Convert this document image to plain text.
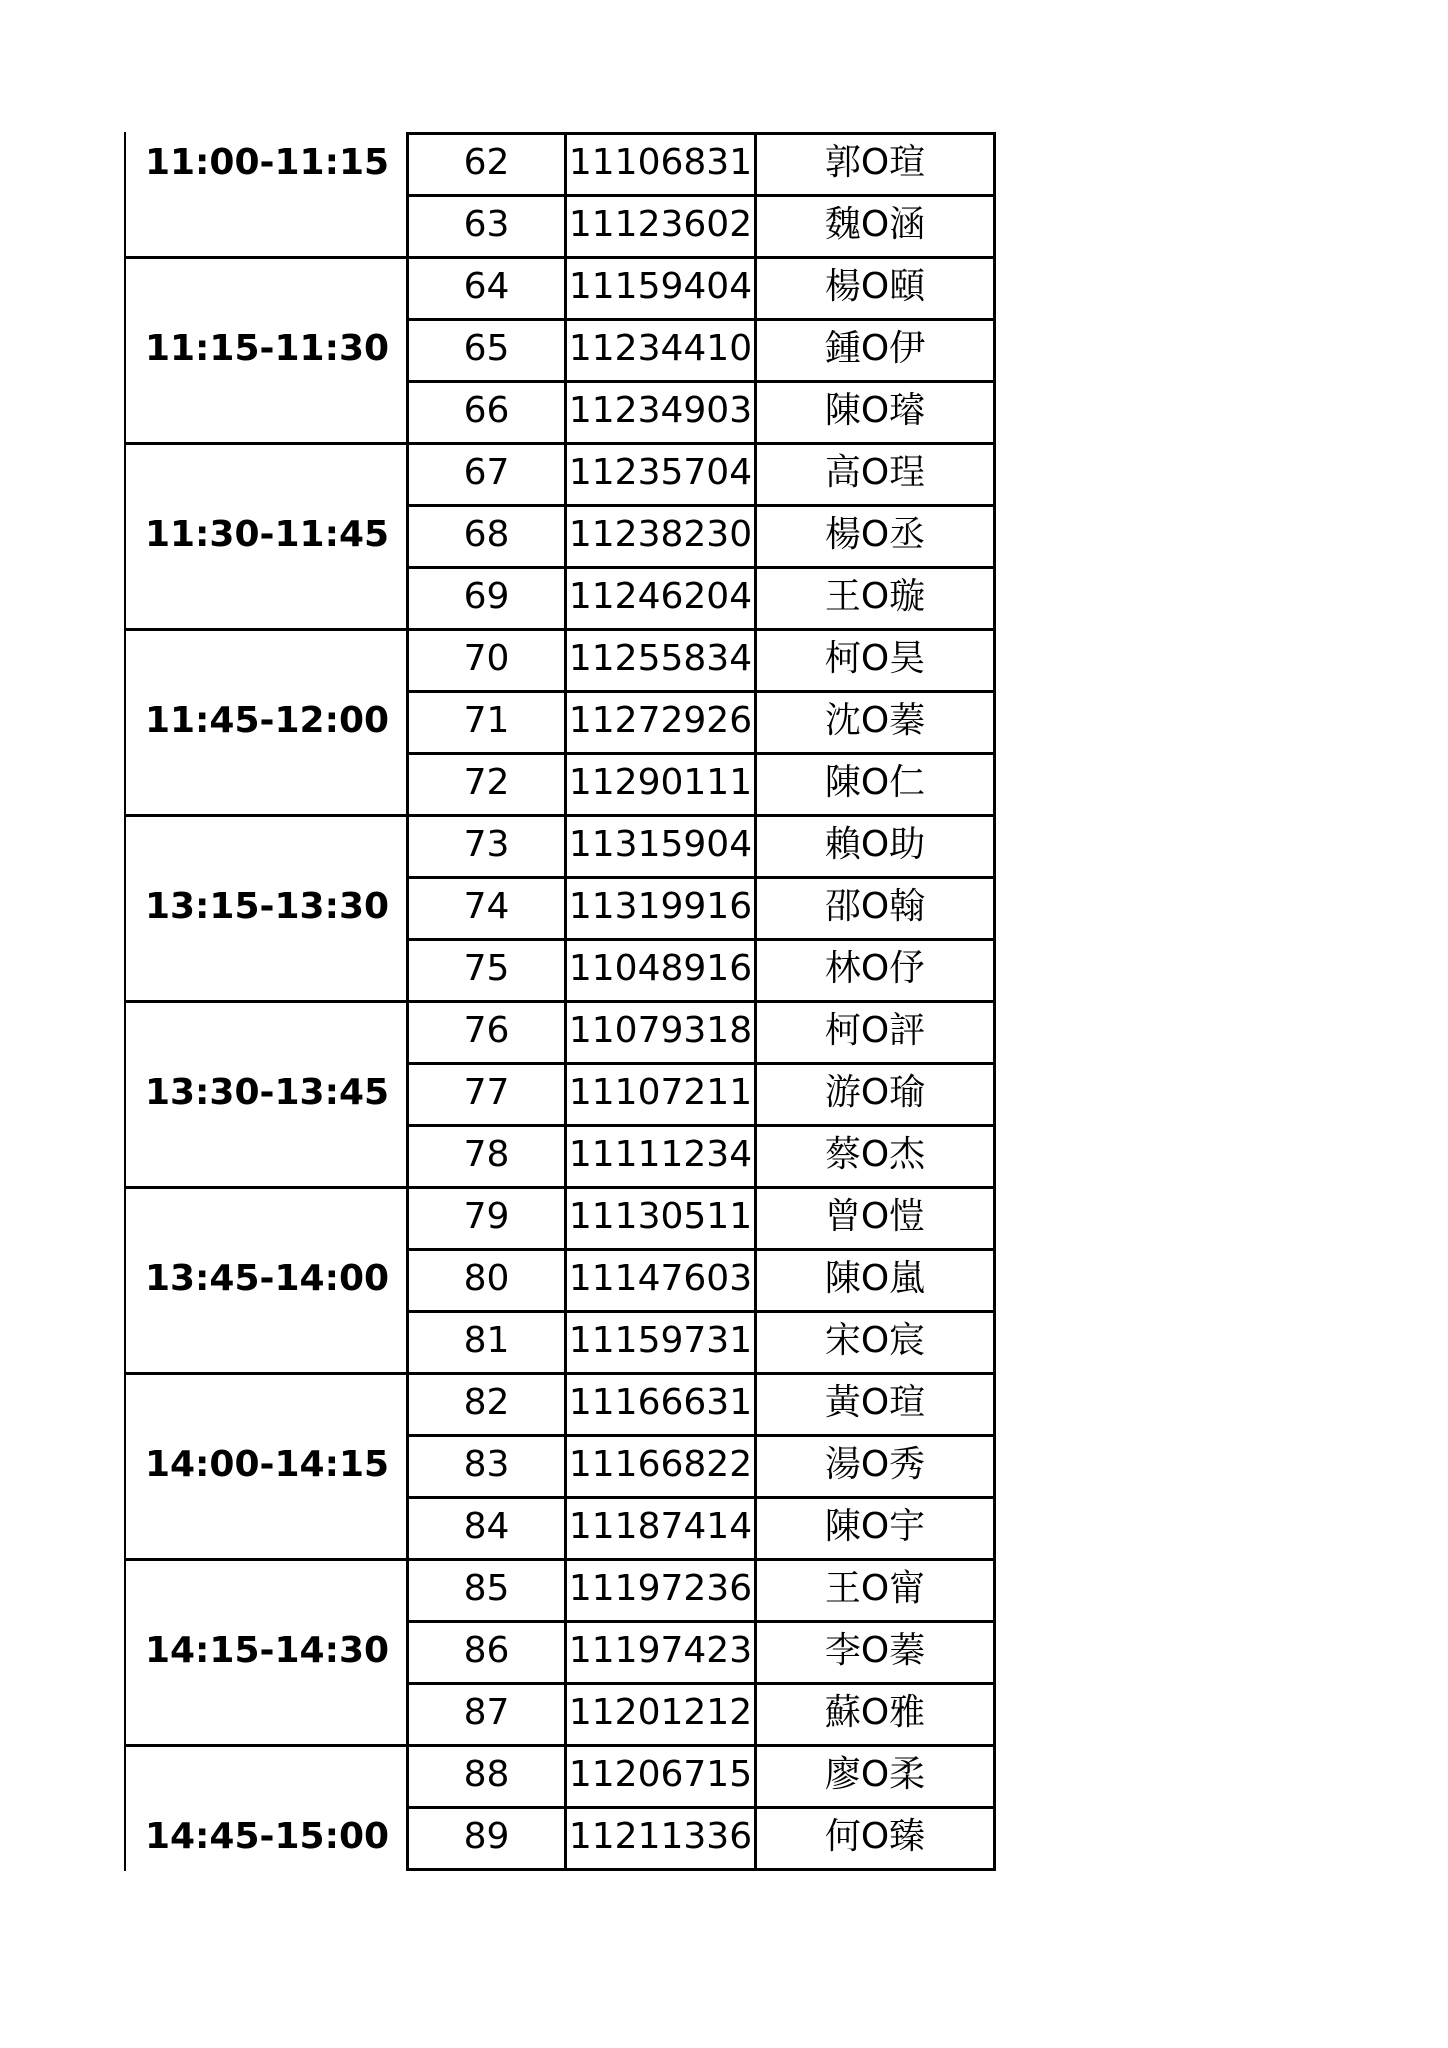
11:00-11:15	62	11106831	郭O瑄
63	11123602	魏O涵
11:15-11:30
64	11159404	楊O頤
65	11234410	鍾O伊
66	11234903	陳O璿
11:30-11:45
67	11235704	高O珵
68	11238230	楊O丞
69	11246204	王O璇
11:45-12:00
70	11255834	柯O昊
71	11272926	沈O蓁
72	11290111	陳O仁
13:15-13:30
73	11315904	賴O助
74	11319916	邵O翰
75	11048916	林O伃
13:30-13:45
76	11079318	柯O評
77	11107211	游O瑜
78	11111234	蔡O杰
13:45-14:00
79	11130511	曾O愷
80	11147603	陳O嵐
81	11159731	宋O宸
14:00-14:15
82	11166631	黃O瑄
83	11166822	湯O秀
84	11187414	陳O宇
14:15-14:30
85	11197236	王O甯
86	11197423	李O蓁
87	11201212	蘇O雅
14:45-15:00
88	11206715	廖O柔
89	11211336	何O臻
